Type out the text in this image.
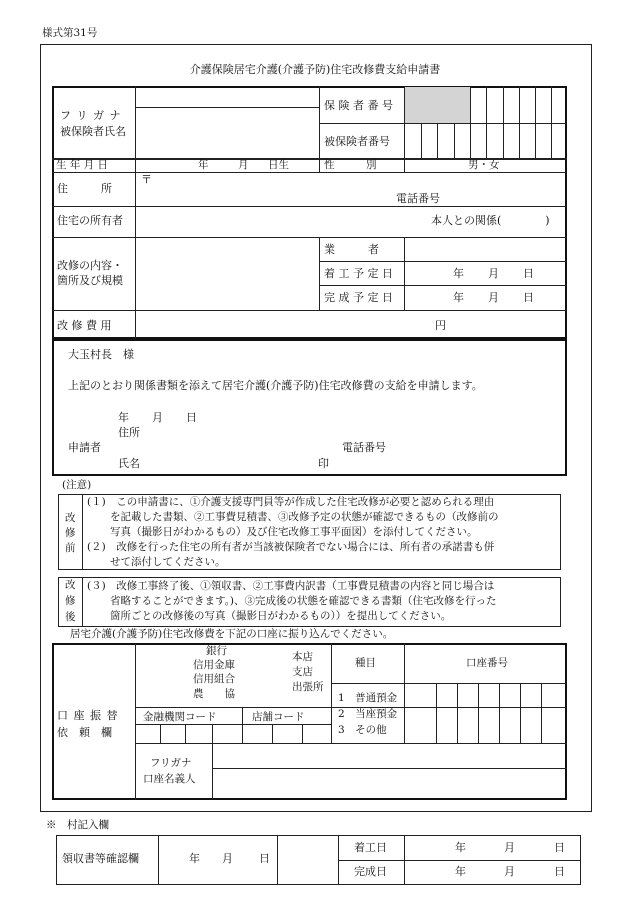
様式第31号
介護保険居宅介護(介護予防)住宅改修費支給申請書
フ リ ガ ナ
被保険者氏名
保 険 者 番 号
被保険者番号
生 年 月 日	年	月 日生	性　　　別	男・女
住　　　所
〒
電話番号
住宅の所有者	本人との関係(　　　　)
改修の内容・
箇所及び規模
業　　　者
着 工 予 定 日	年 月 日
完 成 予 定 日	年 月 日
改 修 費 用	円
大玉村長　様
上記のとおり関係書類を添えて居宅介護(介護予防)住宅改修費の支給を申請します。
年 月 日
住所
申請者	電話番号
氏名	印
(注意)
改
修
前
(１)　この申請書に、①介護支援専門員等が作成した住宅改修が必要と認められる理由
を記載した書類、②工事費見積書、③改修予定の状態が確認できるもの（改修前の
写真（撮影日がわかるもの）及び住宅改修工事平面図）を添付してください。
(２)　改修を行った住宅の所有者が当該被保険者でない場合には、所有者の承諾書も併
せて添付してください。
改
修
後
(３)　改修工事終了後、①領収書、②工事費内訳書（工事費見積書の内容と同じ場合は
省略することができます。)、③完成後の状態を確認できる書類（住宅改修を行った
箇所ごとの改修後の写真（撮影日がわかるもの））を提出してください。
居宅介護(介護予防)住宅改修費を下記の口座に振り込んでください。
口 座 振 替
依　頼　欄
銀行
信用金庫
信用組合
農　　協
本店
支店
出張所
種目	口座番号
1　普通預金
2　当座預金
3　その他
金融機関コード	店舗コード
フリガナ
口座名義人
※　村記入欄
領収書等確認欄	年 月 日
着工日	年	月	日
完成日	年	月	日
